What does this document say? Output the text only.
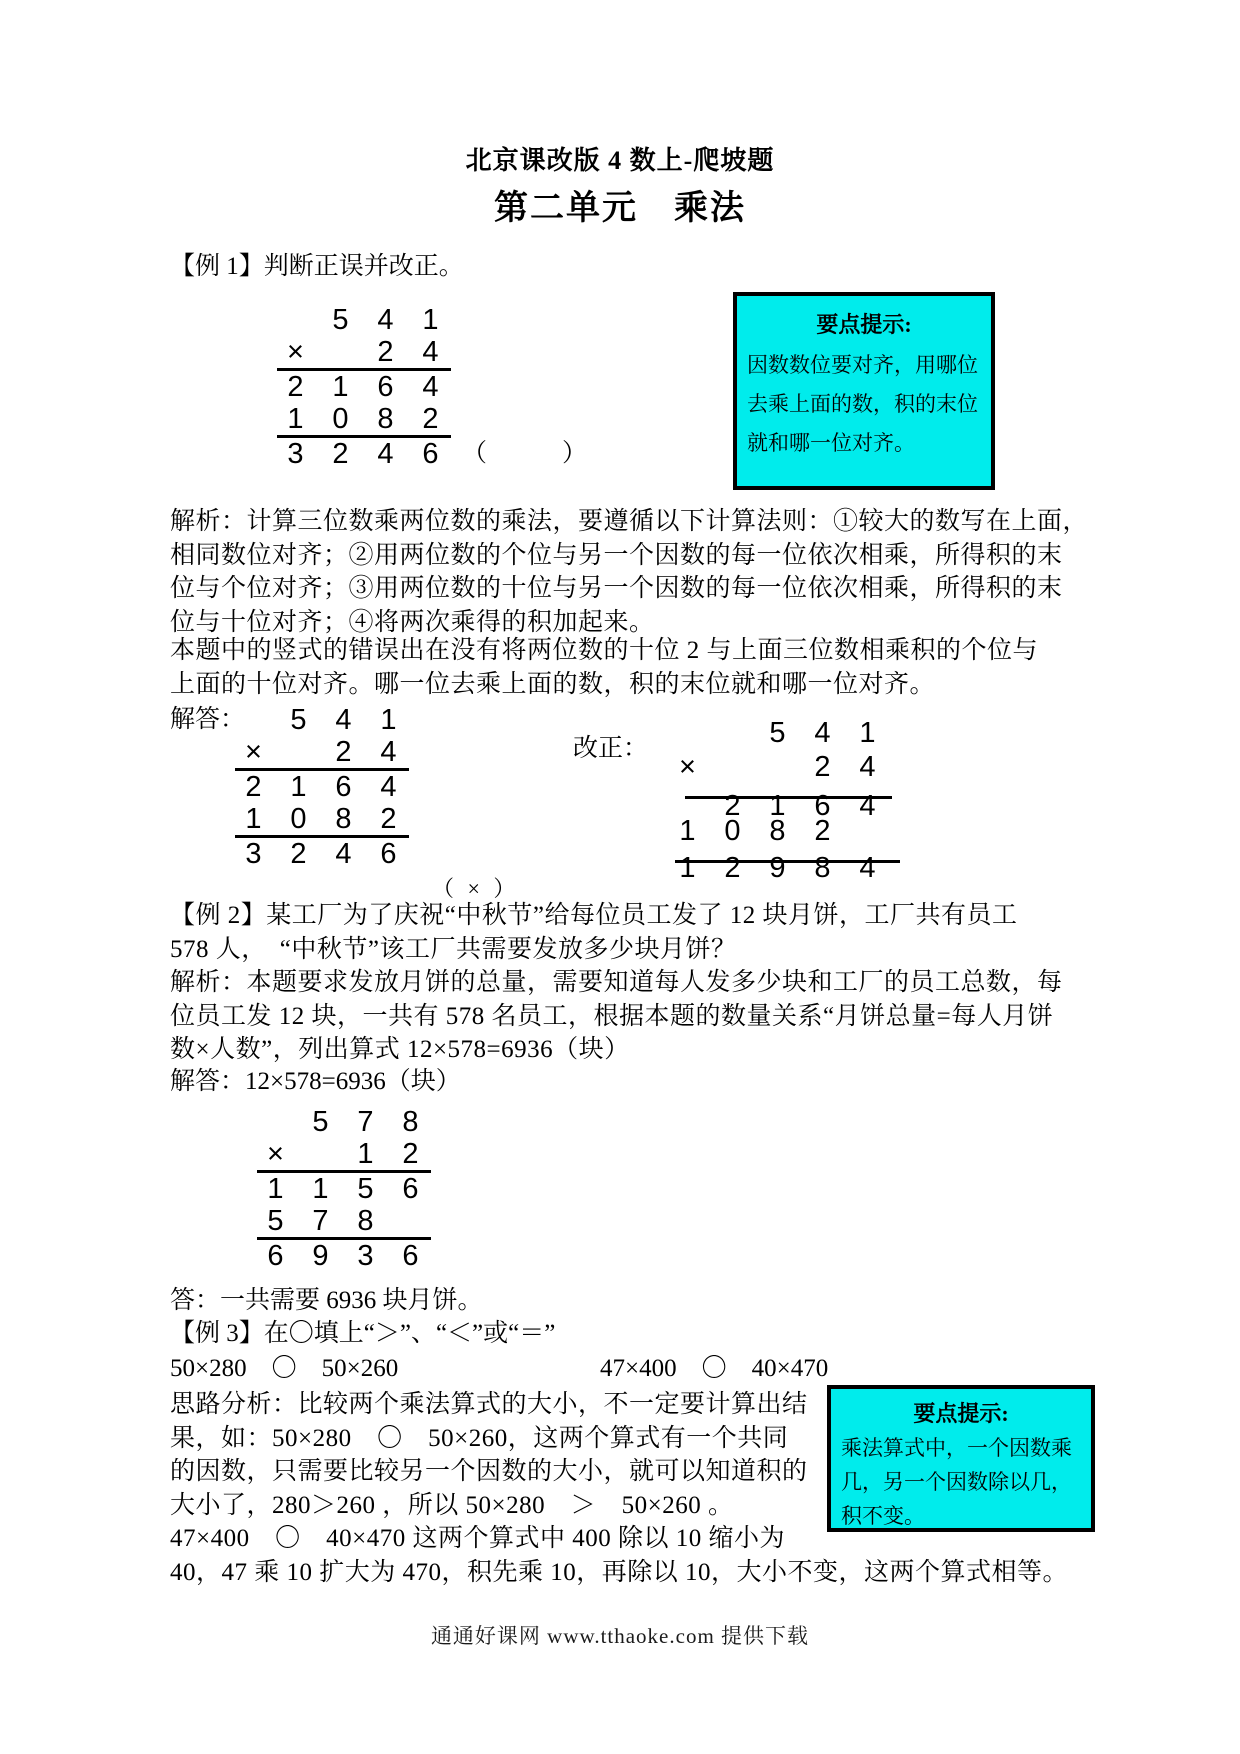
北京课改版 4 数上-爬坡题
第二单元　乘法
【例 1】判断正误并改正。
5 4 1
×	2 4
2 1 6 4
1 0 8 2
3 2 4 6 （　　　）
要点提示:
因数数位要对齐，用哪位
去乘上面的数，积的末位
就和哪一位对齐。
解析：计算三位数乘两位数的乘法，要遵循以下计算法则：①较大的数写在上面，
相同数位对齐；②用两位数的个位与另一个因数的每一位依次相乘，所得积的末
位与个位对齐；③用两位数的十位与另一个因数的每一位依次相乘，所得积的末
位与十位对齐；④将两次乘得的积加起来。
本题中的竖式的错误出在没有将两位数的十位 2 与上面三位数相乘积的个位与
上面的十位对齐。哪一位去乘上面的数，积的末位就和哪一位对齐。
解答：	5 4 1
×	2 4
2 1 6 4
1 0 8 2
3 2 4 6
（ × ）
改正：	5 4 1
×	2 4
2 1 6 4
1 0 8 2
1 2 9 8 4
【例 2】某工厂为了庆祝“中秋节”给每位员工发了 12 块月饼，工厂共有员工
578 人，　“中秋节”该工厂共需要发放多少块月饼？
解析：本题要求发放月饼的总量，需要知道每人发多少块和工厂的员工总数，每
位员工发 12 块，一共有 578 名员工，根据本题的数量关系“月饼总量=每人月饼
数×人数”，列出算式 12×578=6936（块）
解答：12×578=6936（块）
5 7 8
×	1 2
1 1 5 6
5 7 8
6 9 3 6
答：一共需要 6936 块月饼。
【例 3】在〇填上“＞”、“＜”或“＝”
50×280　〇　50×260	47×400　〇　40×470
要点提示:
乘法算式中，一个因数乘
几，另一个因数除以几，
积不变。
思路分析：比较两个乘法算式的大小，不一定要计算出结
果，如：50×280　〇　50×260，这两个算式有一个共同
的因数，只需要比较另一个因数的大小，就可以知道积的
大小了，280＞260 ，所以 50×280　＞　50×260 。
47×400　〇　40×470 这两个算式中 400 除以 10 缩小为
40，47 乘 10 扩大为 470，积先乘 10，再除以 10，大小不变，这两个算式相等。
通通好课网 www.tthaoke.com 提供下载
